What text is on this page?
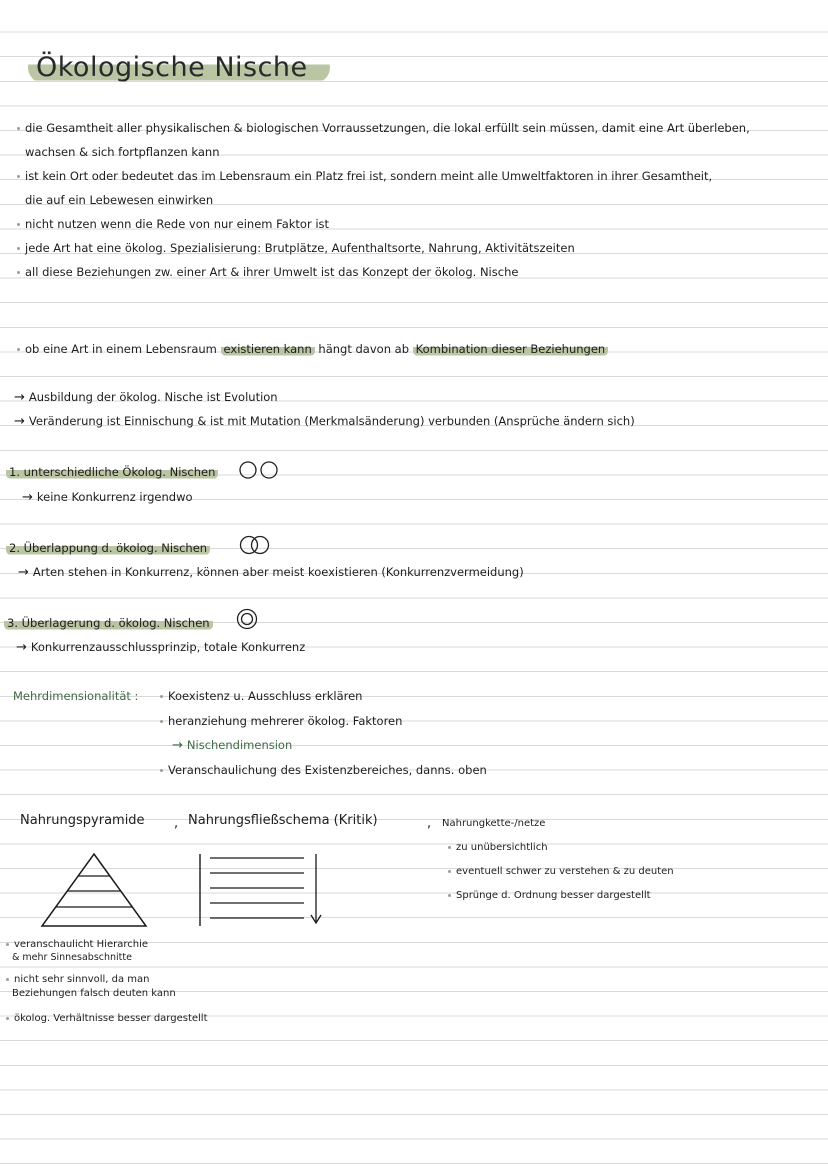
Ökologische Nische
die Gesamtheit aller physikalischen & biologischen Vorraussetzungen, die lokal erfüllt sein müssen, damit eine Art überleben,
wachsen & sich fortpflanzen kann
ist kein Ort oder bedeutet das im Lebensraum ein Platz frei ist, sondern meint alle Umweltfaktoren in ihrer Gesamtheit,
die auf ein Lebewesen einwirken
nicht nutzen wenn die Rede von nur einem Faktor ist
jede Art hat eine ökolog. Spezialisierung: Brutplätze, Aufenthaltsorte, Nahrung, Aktivitätszeiten
all diese Beziehungen zw. einer Art & ihrer Umwelt ist das Konzept der ökolog. Nische
ob eine Art in einem Lebensraum existieren kann hängt davon ab Kombination dieser Beziehungen
→ Ausbildung der ökolog. Nische ist Evolution
→ Veränderung ist Einnischung & ist mit Mutation (Merkmalsänderung) verbunden (Ansprüche ändern sich)
1. unterschiedliche Ökolog. Nischen
→ keine Konkurrenz irgendwo
2. Überlappung d. ökolog. Nischen
→ Arten stehen in Konkurrenz, können aber meist koexistieren (Konkurrenzvermeidung)
3. Überlagerung d. ökolog. Nischen
→ Konkurrenzausschlussprinzip, totale Konkurrenz
Mehrdimensionalität :	Koexistenz u. Ausschluss erklären
heranziehung mehrerer ökolog. Faktoren
→ Nischendimension
Veranschaulichung des Existenzbereiches, danns. oben
Nahrungspyramide , Nahrungsfließschema (Kritik)	, Nahrungkette-/netze
zu unübersichtlich
eventuell schwer zu verstehen & zu deuten
Sprünge d. Ordnung besser dargestellt
veranschaulicht Hierarchie
& mehr Sinnesabschnitte
nicht sehr sinnvoll, da man
Beziehungen falsch deuten kann
ökolog. Verhältnisse besser dargestellt
